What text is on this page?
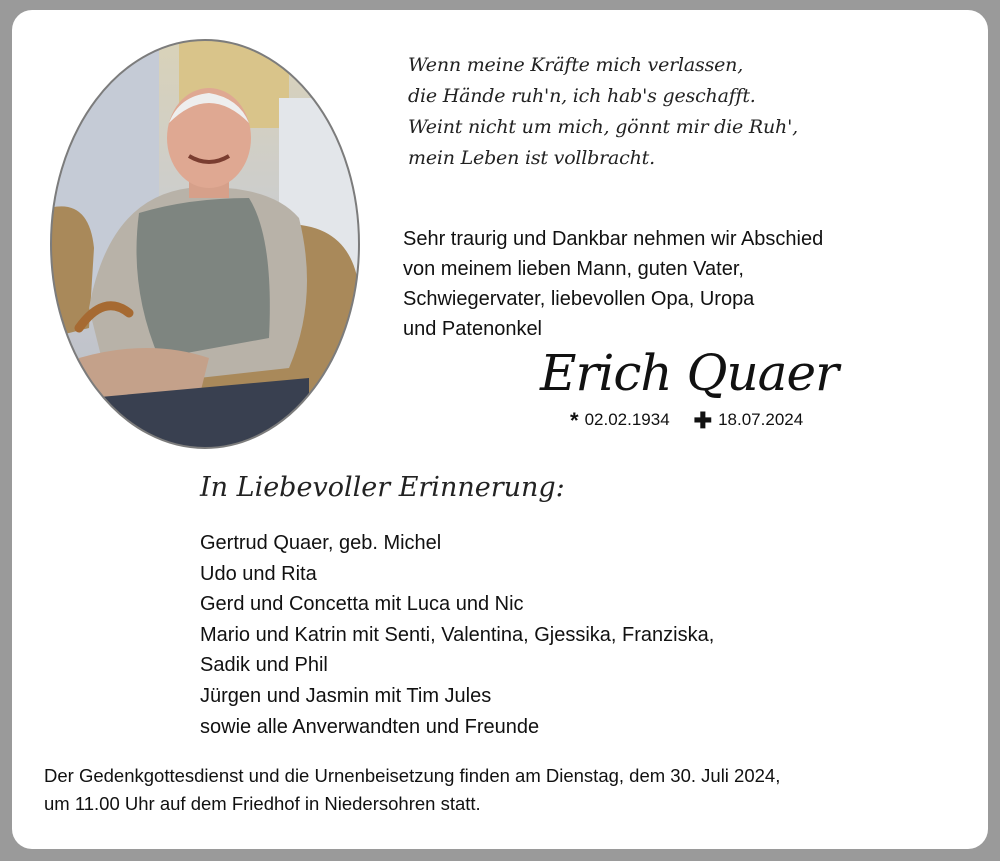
Wenn meine Kräfte mich verlassen,
die Hände ruh'n, ich hab's geschafft.
Weint nicht um mich, gönnt mir die Ruh',
mein Leben ist vollbracht.
Sehr traurig und Dankbar nehmen wir Abschied
von meinem lieben Mann, guten Vater,
Schwiegervater, liebevollen Opa, Uropa
und Patenonkel
Erich Quaer
* 02.02.1934 ✚ 18.07.2024
In Liebevoller Erinnerung:
Gertrud Quaer, geb. Michel
Udo und Rita
Gerd und Concetta mit Luca und Nic
Mario und Katrin mit Senti, Valentina, Gjessika, Franziska,
Sadik und Phil
Jürgen und Jasmin mit Tim Jules
sowie alle Anverwandten und Freunde
Der Gedenkgottesdienst und die Urnenbeisetzung finden am Dienstag, dem 30. Juli 2024,
um 11.00 Uhr auf dem Friedhof in Niedersohren statt.
